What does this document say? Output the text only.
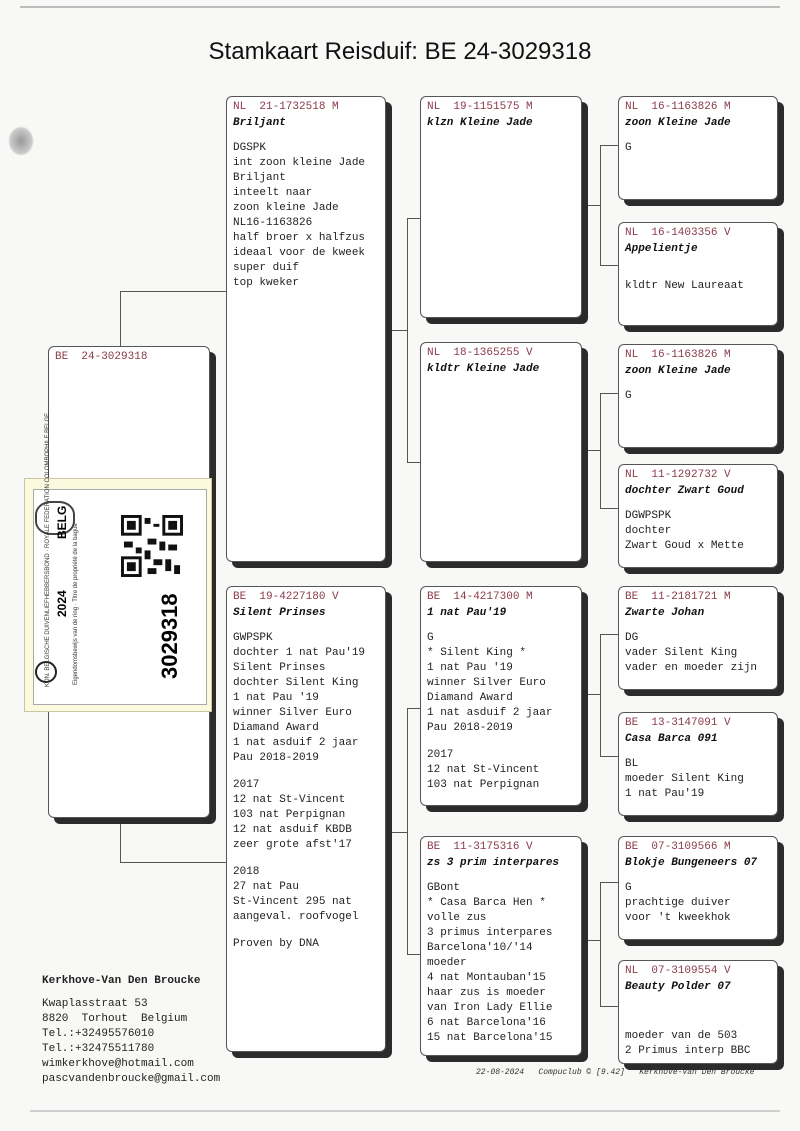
Stamkaart Reisduif: BE 24-3029318
BE  24-3029318
NL  21-1732518 M
Briljant
DGSPK
int zoon kleine Jade
Briljant
inteelt naar
zoon kleine Jade
NL16-1163826
half broer x halfzus
ideaal voor de kweek
super duif
top kweker
BE  19-4227180 V
Silent Prinses
GWPSPK
dochter 1 nat Pau'19
Silent Prinses
dochter Silent King
1 nat Pau '19
winner Silver Euro
Diamand Award
1 nat asduif 2 jaar
Pau 2018-2019
2017
12 nat St-Vincent
103 nat Perpignan
12 nat asduif KBDB
zeer grote afst'17
2018
27 nat Pau
St-Vincent 295 nat
aangeval. roofvogel
Proven by DNA
NL  19-1151575 M
klzn Kleine Jade
NL  18-1365255 V
kldtr Kleine Jade
BE  14-4217300 M
1 nat Pau'19
G
* Silent King *
1 nat Pau '19
winner Silver Euro
Diamand Award
1 nat asduif 2 jaar
Pau 2018-2019
2017
12 nat St-Vincent
103 nat Perpignan
BE  11-3175316 V
zs 3 prim interpares
GBont
* Casa Barca Hen *
volle zus
3 primus interpares
Barcelona'10/'14
moeder
4 nat Montauban'15
haar zus is moeder
van Iron Lady Ellie
6 nat Barcelona'16
15 nat Barcelona'15
NL  16-1163826 M
zoon Kleine Jade
G
NL  16-1403356 V
Appelientje
kldtr New Laureaat
NL  16-1163826 M
zoon Kleine Jade
G
NL  11-1292732 V
dochter Zwart Goud
DGWPSPK
dochter
Zwart Goud x Mette
BE  11-2181721 M
Zwarte Johan
DG
vader Silent King
vader en moeder zijn
BE  13-3147091 V
Casa Barca 091
BL
moeder Silent King
1 nat Pau'19
BE  07-3109566 M
Blokje Bungeneers 07
G
prachtige duiver
voor 't kweekhok
NL  07-3109554 V
Beauty Polder 07
moeder van de 503
2 Primus interp BBC
KON. BELGISCHE DUIVENLIEFHEBBERSBOND · ROYALE FEDERATION COLOMBOPHILE BELGE	Eigendomsbewijs van de ring · Titre de propriété de la bague
BELG
2024	3029318
Kerkhove-Van Den Broucke
Kwaplasstraat 53
8820  Torhout  Belgium
Tel.:+32495576010
Tel.:+32475511780
wimkerkhove@hotmail.com
pascvandenbroucke@gmail.com
22-08-2024   Compuclub © [9.42]   Kerkhove-Van Den Broucke
